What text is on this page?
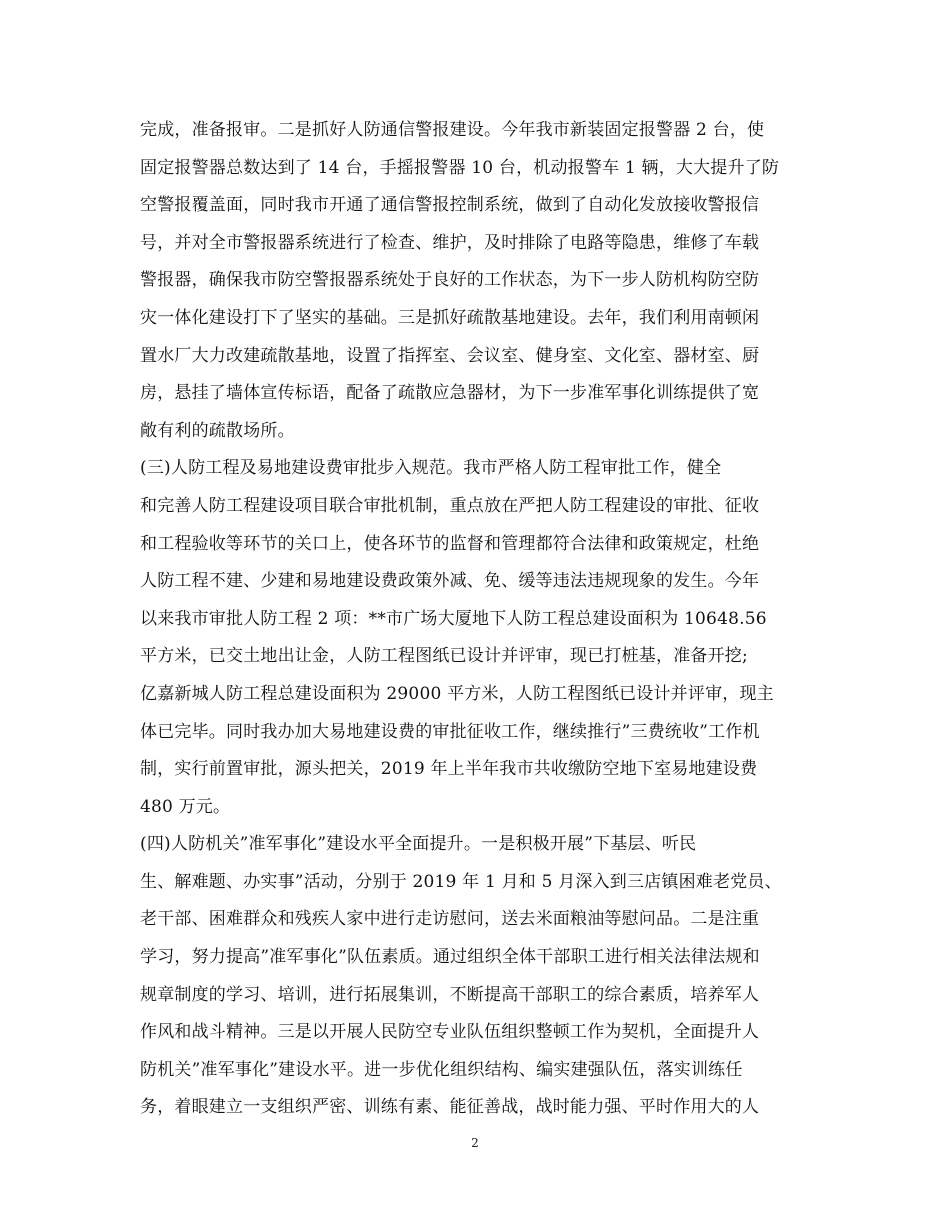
完成，准备报审。二是抓好人防通信警报建设。今年我市新装固定报警器 2 台，使
固定报警器总数达到了 14 台，手摇报警器 10 台，机动报警车 1 辆，大大提升了防
空警报覆盖面，同时我市开通了通信警报控制系统，做到了自动化发放接收警报信
号，并对全市警报器系统进行了检查、维护，及时排除了电路等隐患，维修了车载
警报器，确保我市防空警报器系统处于良好的工作状态，为下一步人防机构防空防
灾一体化建设打下了坚实的基础。三是抓好疏散基地建设。去年，我们利用南顿闲
置水厂大力改建疏散基地，设置了指挥室、会议室、健身室、文化室、器材室、厨
房，悬挂了墙体宣传标语，配备了疏散应急器材，为下一步准军事化训练提供了宽
敞有利的疏散场所。

(三)人防工程及易地建设费审批步入规范。我市严格人防工程审批工作，健全
和完善人防工程建设项目联合审批机制，重点放在严把人防工程建设的审批、征收
和工程验收等环节的关口上，使各环节的监督和管理都符合法律和政策规定，杜绝
人防工程不建、少建和易地建设费政策外减、免、缓等违法违规现象的发生。今年
以来我市审批人防工程 2 项：**市广场大厦地下人防工程总建设面积为 10648.56
平方米，已交土地出让金，人防工程图纸已设计并评审，现已打桩基，准备开挖;
亿嘉新城人防工程总建设面积为 29000 平方米，人防工程图纸已设计并评审，现主
体已完毕。同时我办加大易地建设费的审批征收工作，继续推行”三费统收”工作机
制，实行前置审批，源头把关，2019 年上半年我市共收缴防空地下室易地建设费
480 万元。

(四)人防机关”准军事化”建设水平全面提升。一是积极开展”下基层、听民
生、解难题、办实事”活动，分别于 2019 年 1 月和 5 月深入到三店镇困难老党员、
老干部、困难群众和残疾人家中进行走访慰问，送去米面粮油等慰问品。二是注重
学习，努力提高”准军事化”队伍素质。通过组织全体干部职工进行相关法律法规和
规章制度的学习、培训，进行拓展集训，不断提高干部职工的综合素质，培养军人
作风和战斗精神。三是以开展人民防空专业队伍组织整顿工作为契机，全面提升人
防机关”准军事化”建设水平。进一步优化组织结构、编实建强队伍，落实训练任
务，着眼建立一支组织严密、训练有素、能征善战，战时能力强、平时作用大的人

2
